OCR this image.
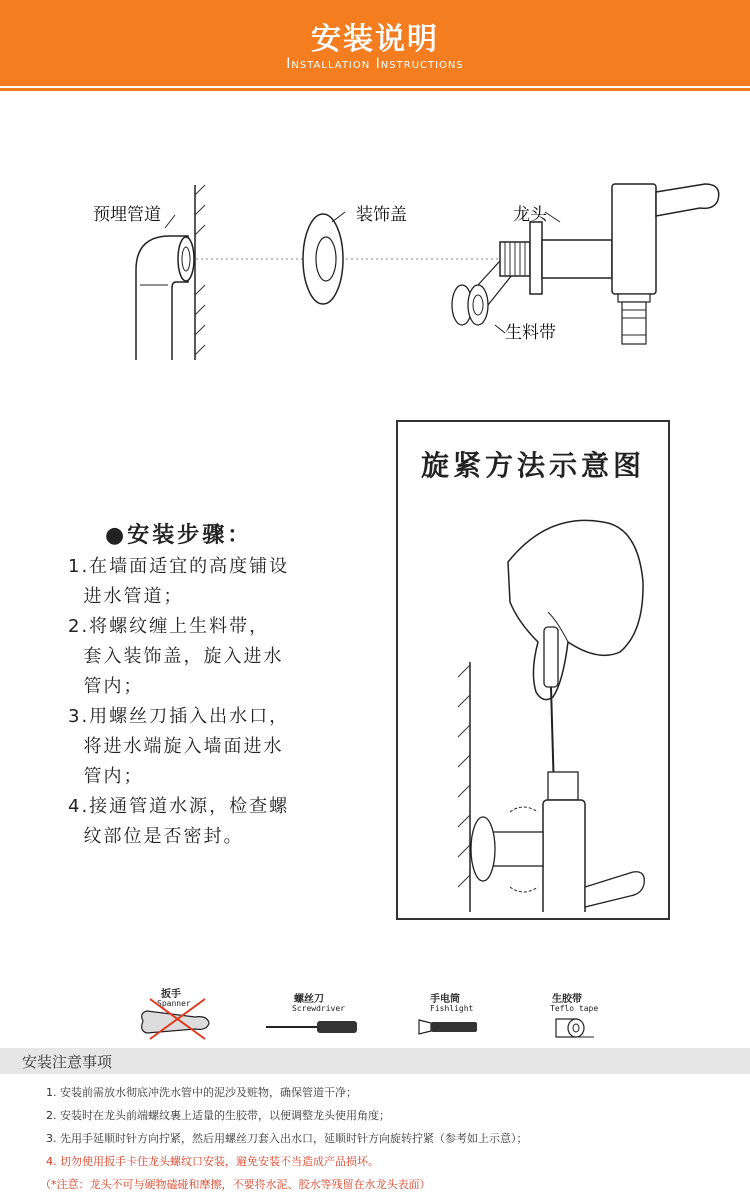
安装说明
Installation Instructions
预埋管道	装饰盖	龙头
生料带
旋紧方法示意图
●安装步骤：
1.在墙面适宜的高度铺设
进水管道；
2.将螺纹缠上生料带，
套入装饰盖，旋入进水
管内；
3.用螺丝刀插入出水口，
将进水端旋入墙面进水
管内；
4.接通管道水源，检查螺
纹部位是否密封。
扳手
Spanner	螺丝刀
Screwdriver
手电筒
Fishlight
生胶带
Teflo tape
安装注意事项
1. 安装前需放水彻底冲洗水管中的泥沙及赃物，确保管道干净；
2. 安装时在龙头前端螺纹裹上适量的生胶带，以便调整龙头使用角度；
3. 先用手延顺时针方向拧紧，然后用螺丝刀套入出水口，延顺时针方向旋转拧紧（参考如上示意）；
4. 切勿使用扳手卡住龙头螺纹口安装，避免安装不当造成产品损坏。
（*注意：龙头不可与硬物磕碰和摩擦，不要将水泥、胶水等残留在水龙头表面）
